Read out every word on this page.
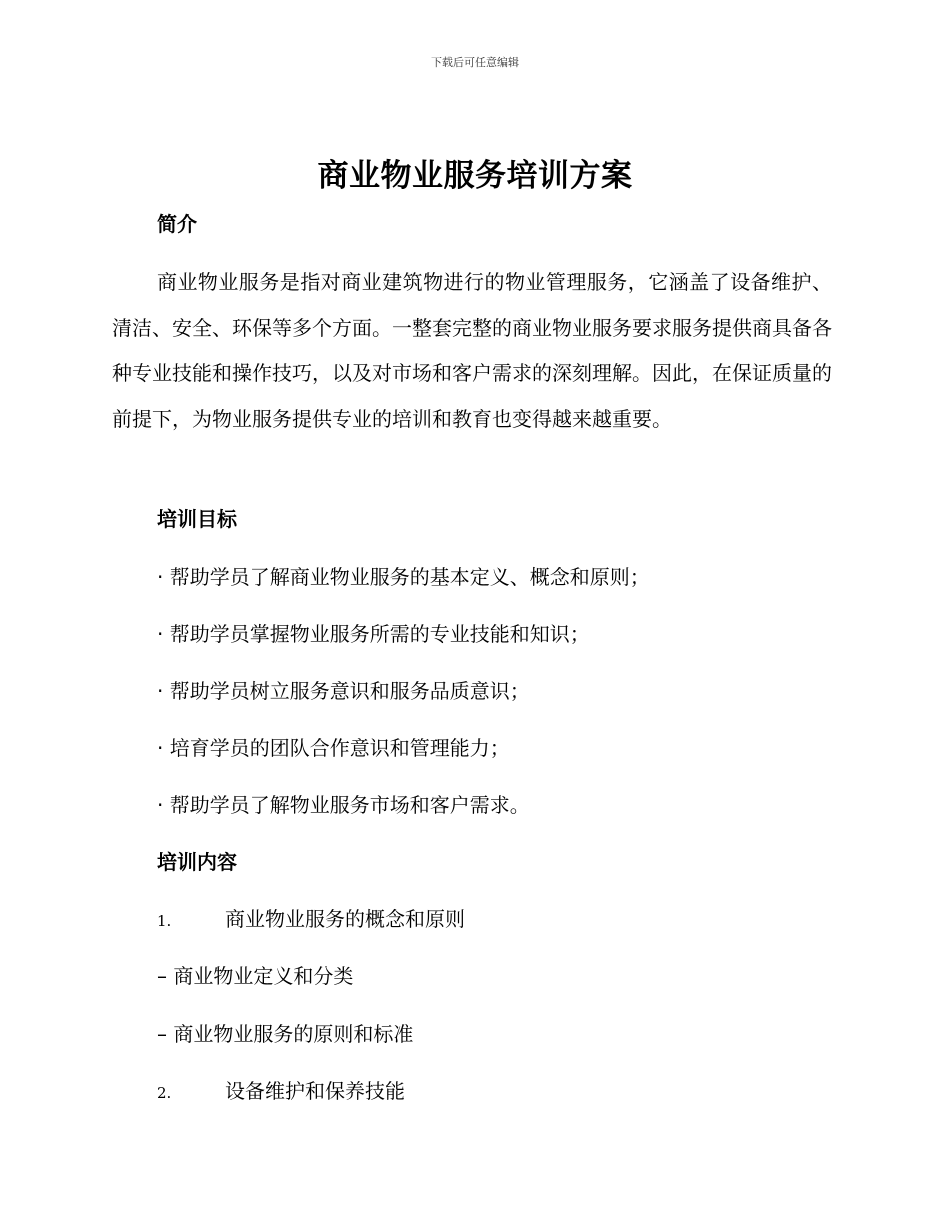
下载后可任意编辑
商业物业服务培训方案
简介
商业物业服务是指对商业建筑物进行的物业管理服务，它涵盖了设备维护、清洁、安全、环保等多个方面。一整套完整的商业物业服务要求服务提供商具备各种专业技能和操作技巧，以及对市场和客户需求的深刻理解。因此，在保证质量的前提下，为物业服务提供专业的培训和教育也变得越来越重要。
培训目标
· 帮助学员了解商业物业服务的基本定义、概念和原则；
· 帮助学员掌握物业服务所需的专业技能和知识；
· 帮助学员树立服务意识和服务品质意识；
· 培育学员的团队合作意识和管理能力；
· 帮助学员了解物业服务市场和客户需求。
培训内容
1.	商业物业服务的概念和原则
– 商业物业定义和分类
– 商业物业服务的原则和标准
2.	设备维护和保养技能
